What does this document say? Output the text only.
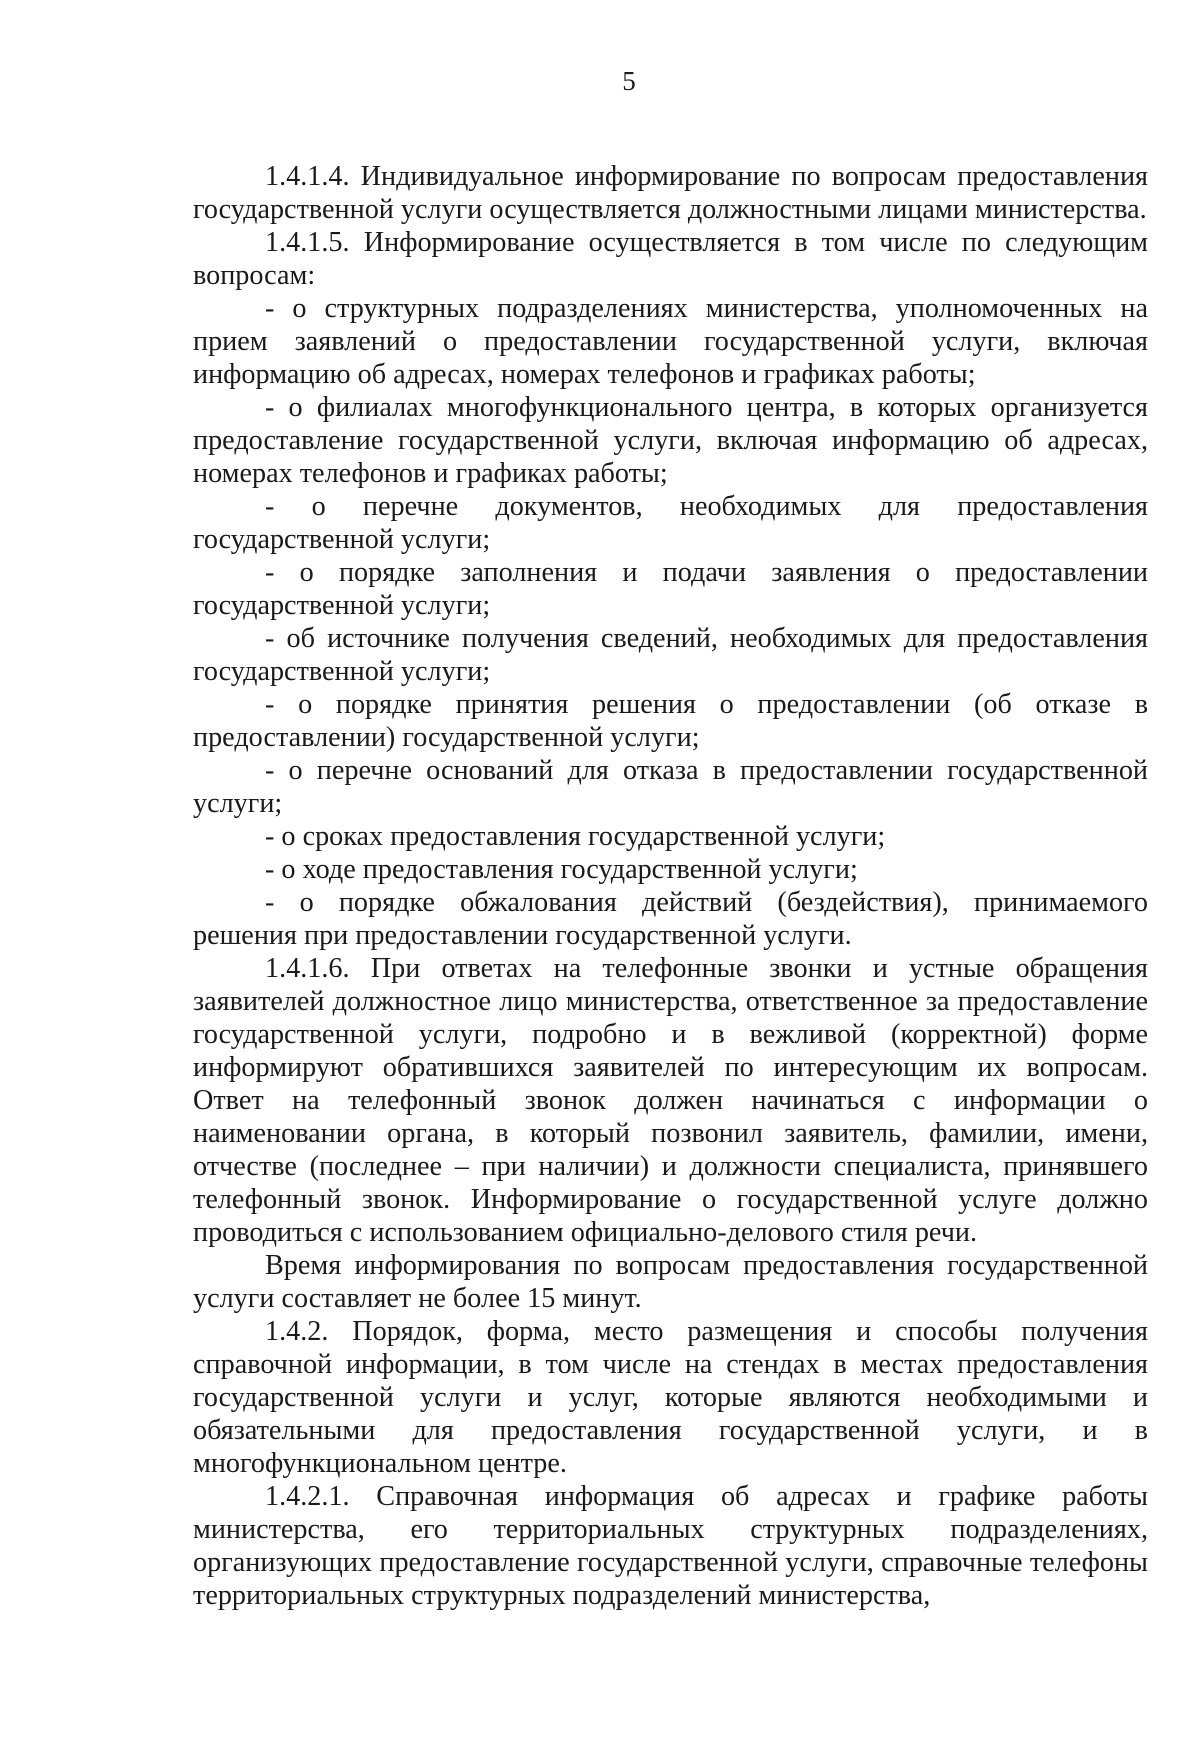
5

1.4.1.4. Индивидуальное информирование по вопросам предоставления государственной услуги осуществляется должностными лицами министерства.

1.4.1.5. Информирование осуществляется в том числе по следующим вопросам:

- о структурных подразделениях министерства, уполномоченных на прием заявлений о предоставлении государственной услуги, включая информацию об адресах, номерах телефонов и графиках работы;

- о филиалах многофункционального центра, в которых организуется предоставление государственной услуги, включая информацию об адресах, номерах телефонов и графиках работы;

- о перечне документов, необходимых для предоставления государственной услуги;

- о порядке заполнения и подачи заявления о предоставлении государственной услуги;

- об источнике получения сведений, необходимых для предоставления государственной услуги;

- о порядке принятия решения о предоставлении (об отказе в предоставлении) государственной услуги;

- о перечне оснований для отказа в предоставлении государственной услуги;

- о сроках предоставления государственной услуги;

- о ходе предоставления государственной услуги;

- о порядке обжалования действий (бездействия), принимаемого решения при предоставлении государственной услуги.

1.4.1.6. При ответах на телефонные звонки и устные обращения заявителей должностное лицо министерства, ответственное за предоставление государственной услуги, подробно и в вежливой (корректной) форме информируют обратившихся заявителей по интересующим их вопросам. Ответ на телефонный звонок должен начинаться с информации о наименовании органа, в который позвонил заявитель, фамилии, имени, отчестве (последнее – при наличии) и должности специалиста, принявшего телефонный звонок. Информирование о государственной услуге должно проводиться с использованием официально-делового стиля речи.

Время информирования по вопросам предоставления государственной услуги составляет не более 15 минут.

1.4.2. Порядок, форма, место размещения и способы получения справочной информации, в том числе на стендах в местах предоставления государственной услуги и услуг, которые являются необходимыми и обязательными для предоставления государственной услуги, и в многофункциональном центре.

1.4.2.1. Справочная информация об адресах и графике работы министерства, его территориальных структурных подразделениях, организующих предоставление государственной услуги, справочные телефоны территориальных структурных подразделений министерства,
